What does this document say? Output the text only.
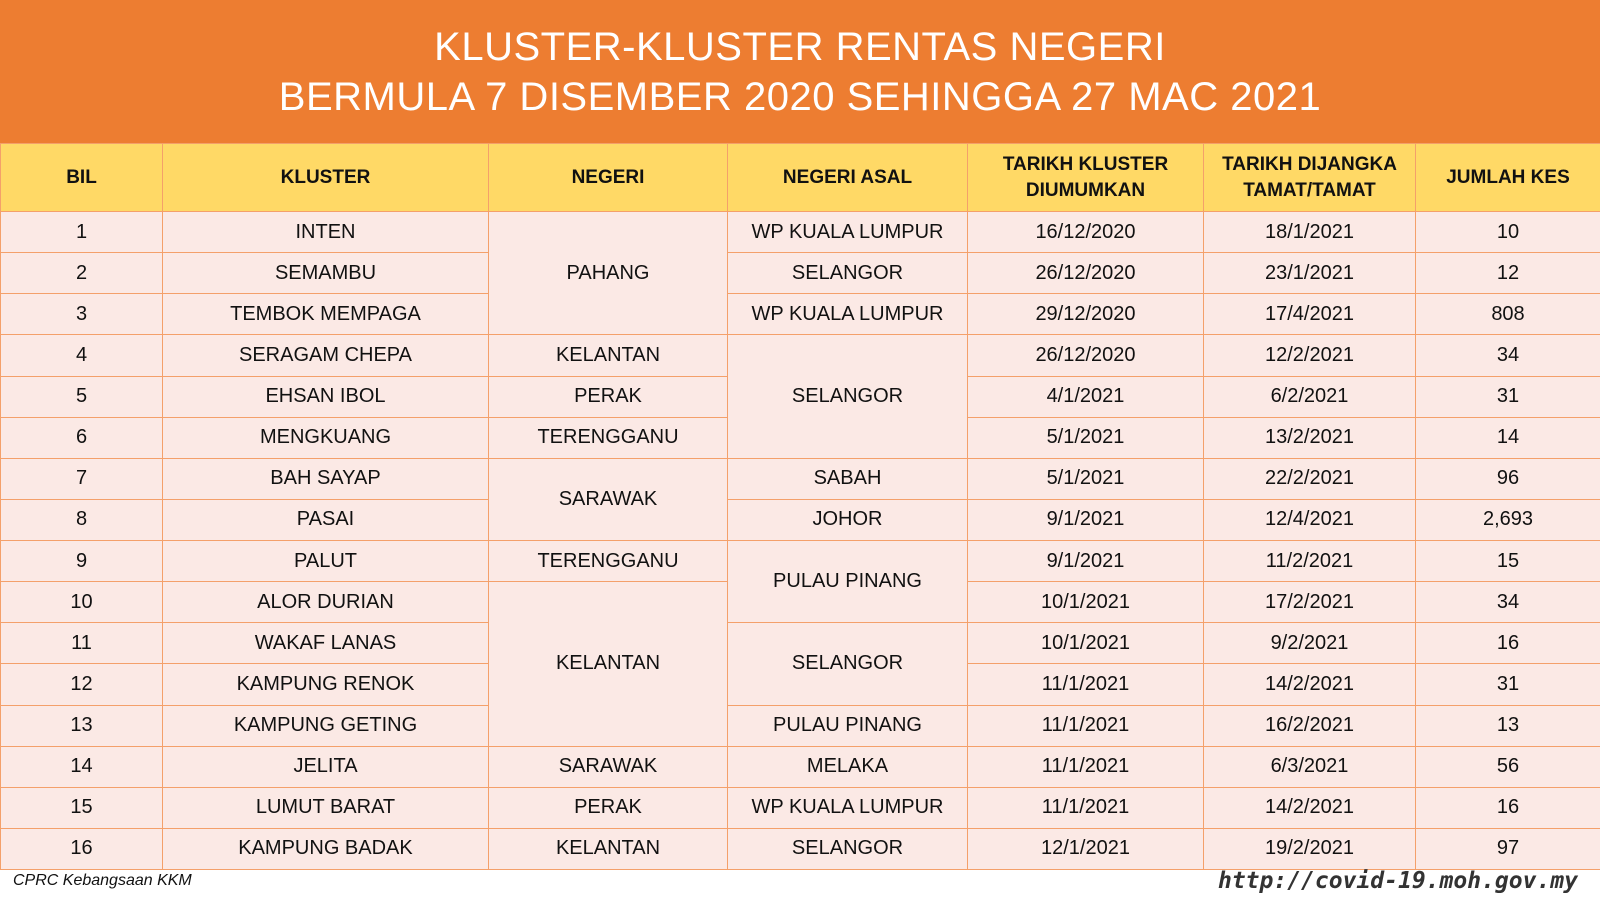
KLUSTER-KLUSTER RENTAS NEGERI
BERMULA 7 DISEMBER 2020 SEHINGGA 27 MAC 2021
BIL	KLUSTER	NEGERI	NEGERI ASAL	TARIKH KLUSTER DIUMUMKAN	TARIKH DIJANGKA TAMAT/TAMAT	JUMLAH KES
1	INTEN	PAHANG	WP KUALA LUMPUR	16/12/2020	18/1/2021	10
2	SEMAMBU		SELANGOR	26/12/2020	23/1/2021	12
3	TEMBOK MEMPAGA		WP KUALA LUMPUR	29/12/2020	17/4/2021	808
4	SERAGAM CHEPA	KELANTAN	SELANGOR	26/12/2020	12/2/2021	34
5	EHSAN IBOL	PERAK		4/1/2021	6/2/2021	31
6	MENGKUANG	TERENGGANU		5/1/2021	13/2/2021	14
7	BAH SAYAP	SARAWAK	SABAH	5/1/2021	22/2/2021	96
8	PASAI		JOHOR	9/1/2021	12/4/2021	2,693
9	PALUT	TERENGGANU	PULAU PINANG	9/1/2021	11/2/2021	15
10	ALOR DURIAN	KELANTAN		10/1/2021	17/2/2021	34
11	WAKAF LANAS		SELANGOR	10/1/2021	9/2/2021	16
12	KAMPUNG RENOK			11/1/2021	14/2/2021	31
13	KAMPUNG GETING		PULAU PINANG	11/1/2021	16/2/2021	13
14	JELITA	SARAWAK	MELAKA	11/1/2021	6/3/2021	56
15	LUMUT BARAT	PERAK	WP KUALA LUMPUR	11/1/2021	14/2/2021	16
16	KAMPUNG BADAK	KELANTAN	SELANGOR	12/1/2021	19/2/2021	97
CPRC Kebangsaan KKM	http://covid-19.moh.gov.my
